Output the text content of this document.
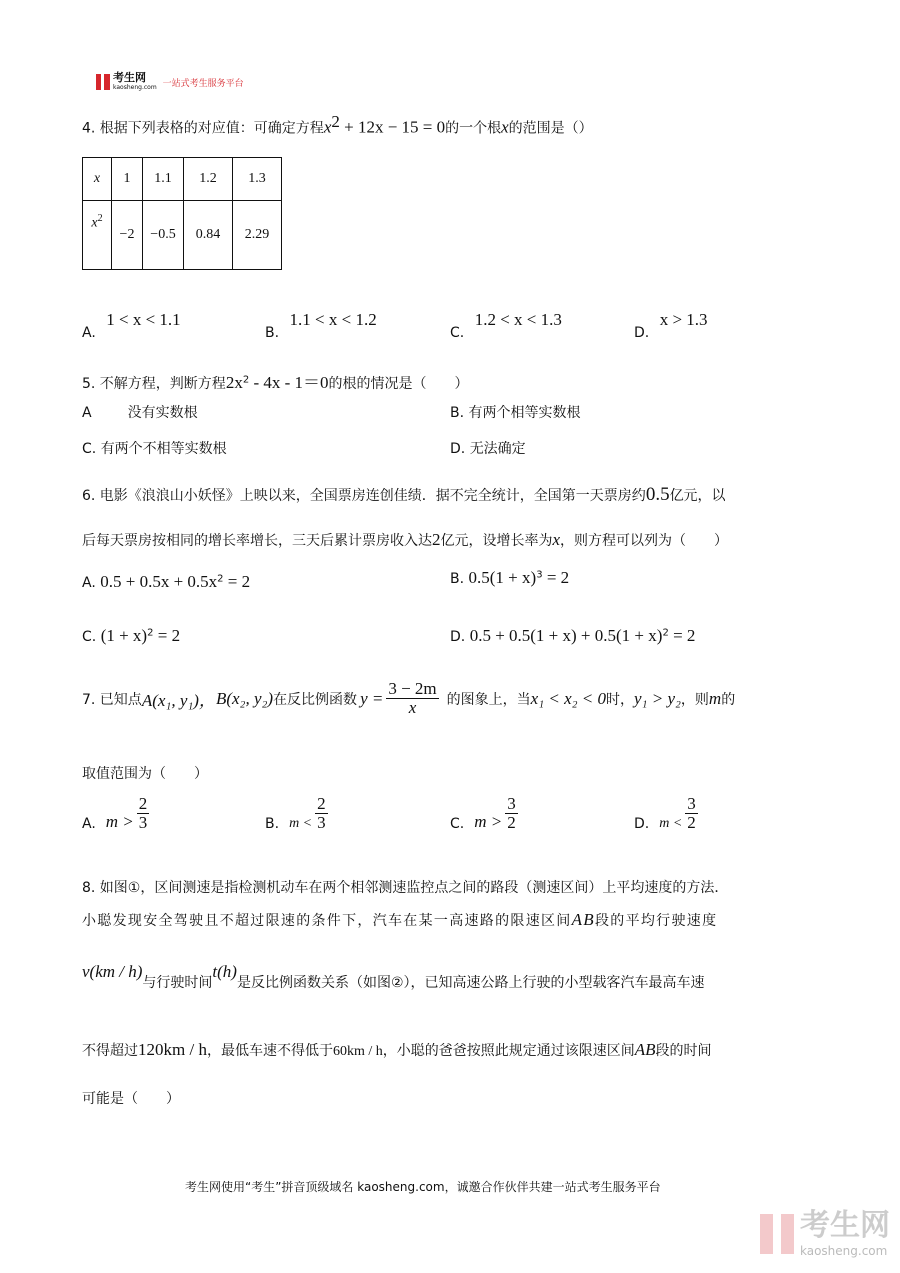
考生网
kaosheng.com 一站式考生服务平台
4. 根据下列表格的对应值：可确定方程$x^2 + 12x - 15 = 0$的一个根x的范围是（）
x	1	1.1	1.2	1.3
$x^2$	−2	−0.5	0.84	2.29
A. 1 < x < 1.1
B. 1.1 < x < 1.2
C. 1.2 < x < 1.3
D. x > 1.3
5. 不解方程，判断方程$2x^2 - 4x - 1=0$的根的情况是（　　）
A	没有实数根	B. 有两个相等实数根
C. 有两个不相等实数根	D. 无法确定
6. 电影《浪浪山小妖怪》上映以来，全国票房连创佳绩．据不完全统计，全国第一天票房约0.5亿元，以
后每天票房按相同的增长率增长，三天后累计票房收入达2亿元，设增长率为x，则方程可以列为（　　）
A. $0.5 + 0.5x + 0.5x^2 = 2$	B. $0.5(1 + x)^3 = 2$
C. $(1 + x)^2 = 2$	D. $0.5 + 0.5(1 + x) + 0.5(1 + x)^2 = 2$
7. 已知点 A(x₁, y₁)， B(x₂, y₂) 在反比例函数 $y = \frac{3 - 2m}{x}$ 的图象上，当 x₁ < x₂ < 0 时， y₁ > y₂ ，则 m 的
取值范围为（　　）
A. $m > \frac{2}{3}$	B. $m < \frac{2}{3}$	C. $m > \frac{3}{2}$	D. $m < \frac{3}{2}$
8. 如图①，区间测速是指检测机动车在两个相邻测速监控点之间的路段（测速区间）上平均速度的方法．
小聪发现安全驾驶且不超过限速的条件下，汽车在某一高速路的限速区间AB段的平均行驶速度
v(km / h)与行驶时间t(h)是反比例函数关系（如图②），已知高速公路上行驶的小型载客汽车最高车速
不得超过120km / h，最低车速不得低于60km / h，小聪的爸爸按照此规定通过该限速区间AB段的时间
可能是（　　）
考生网使用“考生”拼音顶级域名 kaosheng.com，诚邀合作伙伴共建一站式考生服务平台
考生网
kaosheng.com
